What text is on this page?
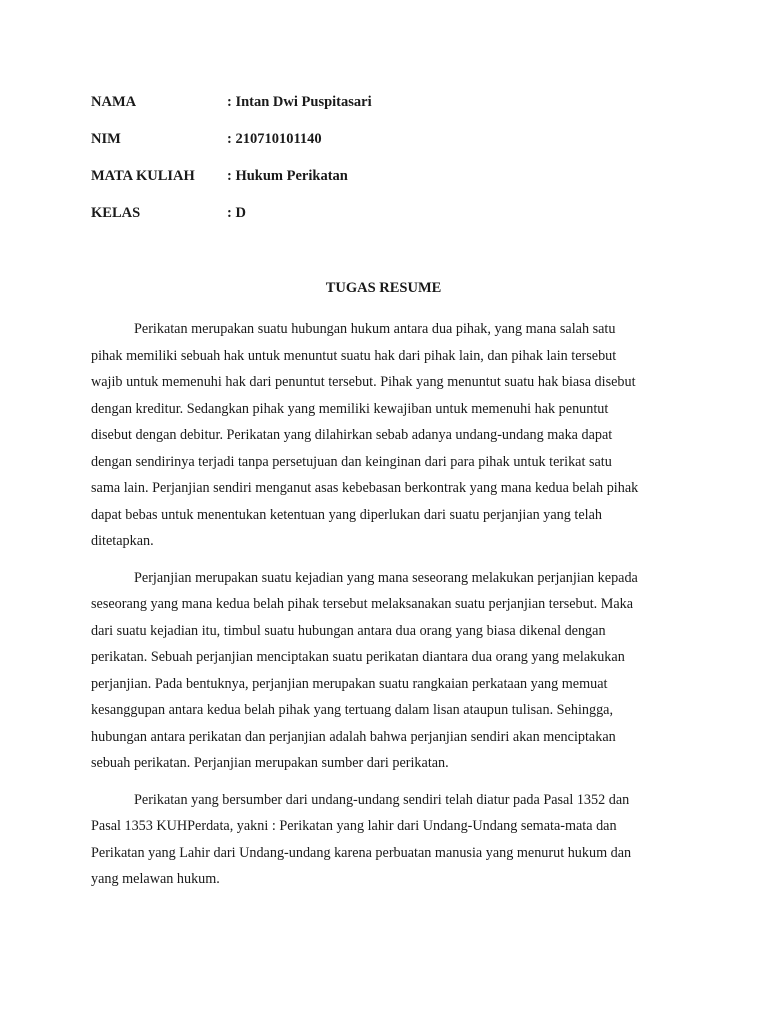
NAMA	: Intan Dwi Puspitasari
NIM	: 210710101140
MATA KULIAH	: Hukum Perikatan
KELAS	: D
TUGAS RESUME

Perikatan merupakan suatu hubungan hukum antara dua pihak, yang mana salah satu
pihak memiliki sebuah hak untuk menuntut suatu hak dari pihak lain, dan pihak lain tersebut
wajib untuk memenuhi hak dari penuntut tersebut. Pihak yang menuntut suatu hak biasa disebut
dengan kreditur. Sedangkan pihak yang memiliki kewajiban untuk memenuhi hak penuntut
disebut dengan debitur. Perikatan yang dilahirkan sebab adanya undang-undang maka dapat
dengan sendirinya terjadi tanpa persetujuan dan keinginan dari para pihak untuk terikat satu
sama lain. Perjanjian sendiri menganut asas kebebasan berkontrak yang mana kedua belah pihak
dapat bebas untuk menentukan ketentuan yang diperlukan dari suatu perjanjian yang telah
ditetapkan.

Perjanjian merupakan suatu kejadian yang mana seseorang melakukan perjanjian kepada
seseorang yang mana kedua belah pihak tersebut melaksanakan suatu perjanjian tersebut. Maka
dari suatu kejadian itu, timbul suatu hubungan antara dua orang yang biasa dikenal dengan
perikatan. Sebuah perjanjian menciptakan suatu perikatan diantara dua orang yang melakukan
perjanjian. Pada bentuknya, perjanjian merupakan suatu rangkaian perkataan yang memuat
kesanggupan antara kedua belah pihak yang tertuang dalam lisan ataupun tulisan. Sehingga,
hubungan antara perikatan dan perjanjian adalah bahwa perjanjian sendiri akan menciptakan
sebuah perikatan. Perjanjian merupakan sumber dari perikatan.

Perikatan yang bersumber dari undang-undang sendiri telah diatur pada Pasal 1352 dan
Pasal 1353 KUHPerdata, yakni : Perikatan yang lahir dari Undang-Undang semata-mata dan
Perikatan yang Lahir dari Undang-undang karena perbuatan manusia yang menurut hukum dan
yang melawan hukum.
